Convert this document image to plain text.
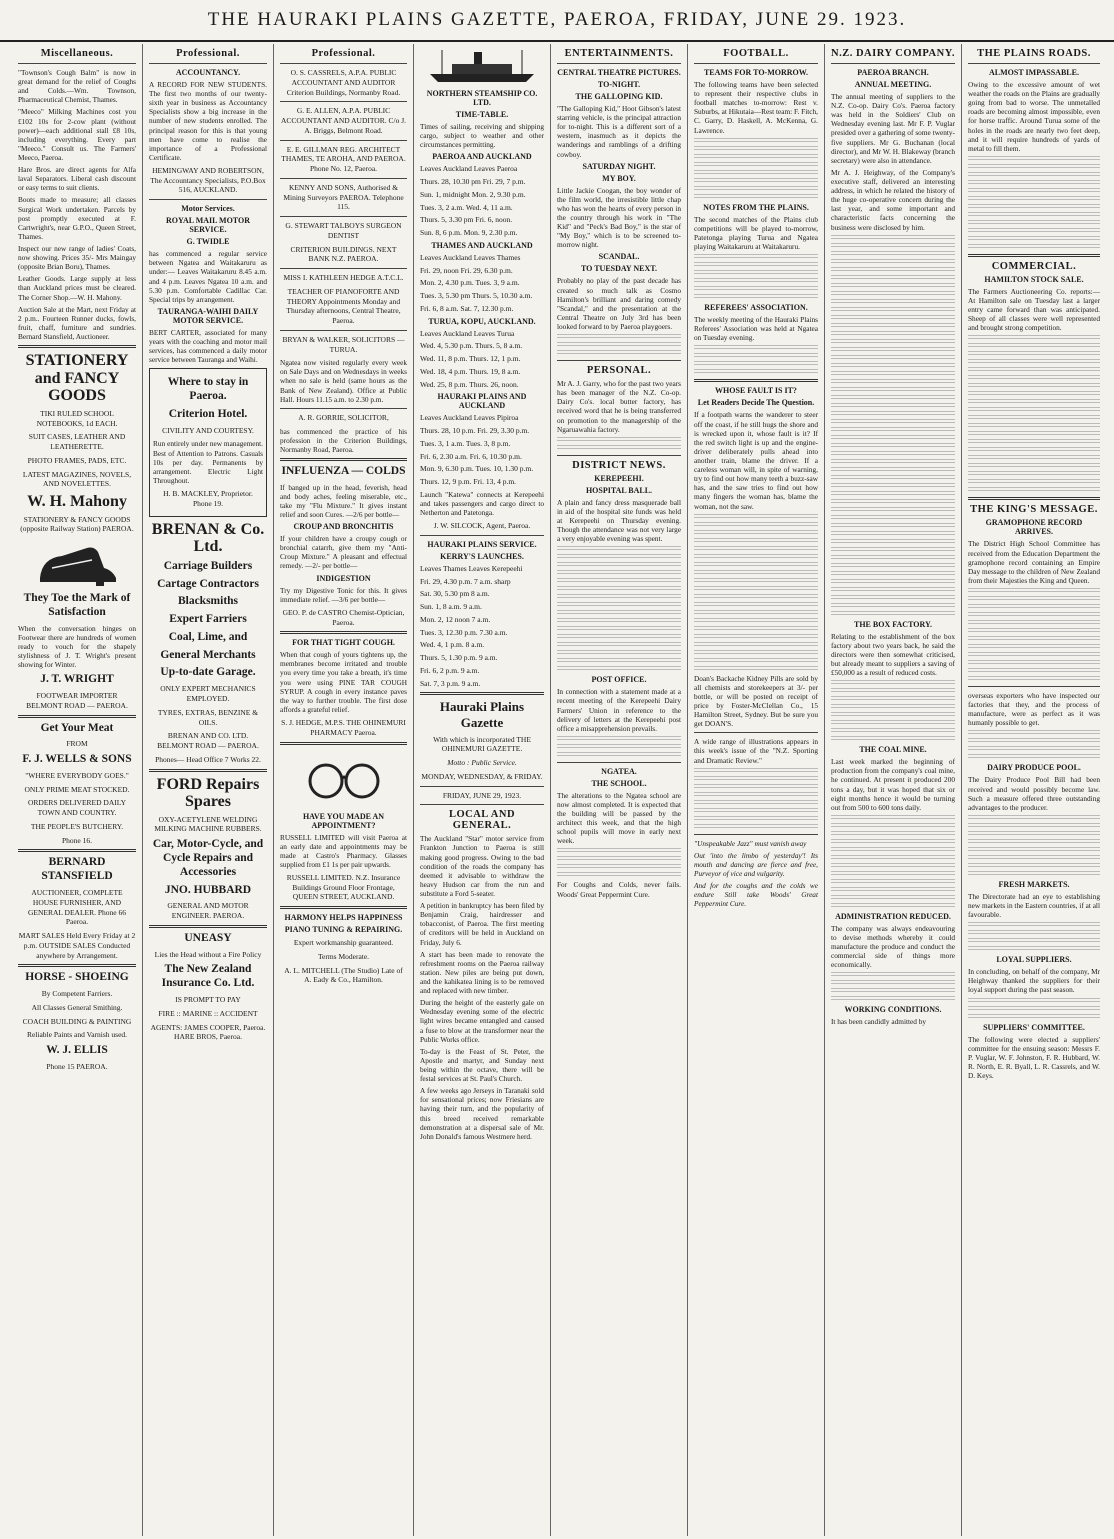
THE HAURAKI PLAINS GAZETTE, PAEROA, FRIDAY, JUNE 29. 1923.
Miscellaneous.

"Townson's Cough Balm" is now in great demand for the relief of Coughs and Colds.—Wm. Townson, Pharmaceutical Chemist, Thames.

"Meeco" Milking Machines cost you £102 10s for 2-cow plant (without power)—each additional stall £8 10s, including everything. Every part "Meeco." Consult us. The Farmers' Meeco, Paeroa.

Hare Bros. are direct agents for Alfa laval Separators. Liberal cash discount or easy terms to suit clients.

Boots made to measure; all classes Surgical Work undertaken. Parcels by post promptly executed at F. Cartwright's, near G.P.O., Queen Street, Thames.

Inspect our new range of ladies' Coats, now showing. Prices 35/- Mrs Maingay (opposite Brian Boru), Thames.

Leather Goods. Large supply at less than Auckland prices must be cleared. The Corner Shop.—W. H. Mahony.

Auction Sale at the Mart, next Friday at 2 p.m.. Fourteen Runner ducks, fowls, fruit, chaff, furniture and sundries. Bernard Stansfield, Auctioneer.

STATIONERY and FANCY GOODS
TIKI RULED SCHOOL NOTEBOOKS, 1d EACH.
SUIT CASES, LEATHER AND LEATHERETTE.
PHOTO FRAMES, PADS, ETC.
LATEST MAGAZINES, NOVELS, AND NOVELETTES.
W. H. Mahony
STATIONERY & FANCY GOODS (opposite Railway Station) PAEROA.
They Toe the Mark of Satisfaction

When the conversation hinges on Footwear there are hundreds of women ready to vouch for the shapely stylishness of J. T. Wright's present showing for Winter.

J. T. WRIGHT
FOOTWEAR IMPORTER BELMONT ROAD — PAEROA.
Get Your Meat
FROM
F. J. WELLS & SONS
"WHERE EVERYBODY GOES."
ONLY PRIME MEAT STOCKED.
ORDERS DELIVERED DAILY TOWN AND COUNTRY.
THE PEOPLE'S BUTCHERY.
Phone 16.
BERNARD STANSFIELD
AUCTIONEER, COMPLETE HOUSE FURNISHER, AND GENERAL DEALER. Phone 66 Paeroa.
MART SALES Held Every Friday at 2 p.m. OUTSIDE SALES Conducted anywhere by Arrangement.
HORSE - SHOEING
By Competent Farriers.
All Classes General Smithing.
COACH BUILDING & PAINTING
Reliable Paints and Varnish used.
W. J. ELLIS
Phone 15 PAEROA.
Professional.
ACCOUNTANCY.

A RECORD FOR NEW STUDENTS. The first two months of our twenty-sixth year in business as Accountancy Specialists show a big increase in the number of new students enrolled. The principal reason for this is that young men have come to realise the importance of a Professional Certificate.

HEMINGWAY AND ROBERTSON, The Accountancy Specialists, P.O.Box 516, AUCKLAND.
Motor Services.
ROYAL MAIL MOTOR SERVICE.
G. TWIDLE

has commenced a regular service between Ngatea and Waitakaruru as under:— Leaves Waitakaruru 8.45 a.m. and 4 p.m. Leaves Ngatea 10 a.m. and 5.30 p.m. Comfortable Cadillac Car. Special trips by arrangement.

TAURANGA-WAIHI DAILY MOTOR SERVICE.

BERT CARTER, associated for many years with the coaching and motor mail services, has commenced a daily motor service between Tauranga and Waihi.

Where to stay in Paeroa.
Criterion Hotel.
CIVILITY AND COURTESY.

Run entirely under new management. Best of Attention to Patrons. Casuals 10s per day. Permanents by arrangement. Electric Light Throughout.

H. B. MACKLEY, Proprietor. Phone 19.
BRENAN & Co. Ltd.
Carriage Builders
Cartage Contractors
Blacksmiths
Expert Farriers
Coal, Lime, and
General Merchants
Up-to-date Garage.
ONLY EXPERT MECHANICS EMPLOYED.
TYRES, EXTRAS, BENZINE & OILS.
BRENAN AND CO. LTD. BELMONT ROAD — PAEROA.
Phones— Head Office 7 Works 22.
FORD Repairs Spares
OXY-ACETYLENE WELDING MILKING MACHINE RUBBERS.
Car, Motor-Cycle, and Cycle Repairs and Accessories
JNO. HUBBARD
GENERAL AND MOTOR ENGINEER. PAEROA.
UNEASY
Lies the Head without a Fire Policy
The New Zealand Insurance Co. Ltd.
IS PROMPT TO PAY
FIRE :: MARINE :: ACCIDENT
AGENTS: JAMES COOPER, Paeroa. HARE BROS, Paeroa.
Professional.
O. S. CASSRELS, A.P.A. PUBLIC ACCOUNTANT AND AUDITOR Criterion Buildings, Normanby Road.
G. E. ALLEN, A.P.A. PUBLIC ACCOUNTANT AND AUDITOR. C/o J. A. Briggs, Belmont Road.
E. E. GILLMAN REG. ARCHITECT THAMES, TE AROHA, AND PAEROA. Phone No. 12, Paeroa.
KENNY AND SONS, Authorised & Mining Surveyors PAEROA. Telephone 115.
G. STEWART TALBOYS SURGEON DENTIST
CRITERION BUILDINGS. NEXT BANK N.Z. PAEROA.
MISS I. KATHLEEN HEDGE A.T.C.L.
TEACHER OF PIANOFORTE AND THEORY Appointments Monday and Thursday afternoons, Central Theatre, Paeroa.
BRYAN & WALKER, SOLICITORS — TURUA.

Ngatea now visited regularly every week on Sale Days and on Wednesdays in weeks when no sale is held (same hours as the Bank of New Zealand). Office at Public Hall. Hours 11.15 a.m. to 2.30 p.m.

A. R. GORRIE, SOLICITOR,

has commenced the practice of his profession in the Criterion Buildings, Normanby Road, Paeroa.

INFLUENZA — COLDS

If banged up in the head, feverish, head and body aches, feeling miserable, etc., take my "Flu Mixture." It gives instant relief and soon Cures. —2/6 per bottle—

CROUP AND BRONCHITIS

If your children have a croupy cough or bronchial catarrh, give them my "Anti-Croup Mixture." A pleasant and effectual remedy. —2/- per bottle—

INDIGESTION

Try my Digestive Tonic for this. It gives immediate relief. —3/6 per bottle—

GEO. P. de CASTRO Chemist-Optician, Paeroa.
FOR THAT TIGHT COUGH.

When that cough of yours tightens up, the membranes become irritated and trouble you every time you take a breath, it's time you were using PINE TAR COUGH SYRUP. A cough in every instance paves the way to further trouble. The first dose affords a grateful relief.

S. J. HEDGE, M.P.S. THE OHINEMURI PHARMACY Paeroa.
HAVE YOU MADE AN APPOINTMENT?

RUSSELL LIMITED will visit Paeroa at an early date and appointments may be made at Castro's Pharmacy. Glasses supplied from £1 1s per pair upwards.

RUSSELL LIMITED. N.Z. Insurance Buildings Ground Floor Frontage, QUEEN STREET, AUCKLAND.
HARMONY HELPS HAPPINESS
PIANO TUNING & REPAIRING.
Expert workmanship guaranteed.
Terms Moderate.
A. L. MITCHELL (The Studio) Late of A. Eady & Co., Hamilton.
NORTHERN STEAMSHIP CO. LTD.
TIME-TABLE.

Times of sailing, receiving and shipping cargo, subject to weather and other circumstances permitting.

PAEROA AND AUCKLAND

Leaves Auckland Leaves Paeroa

Thurs. 28, 10.30 pm Fri. 29, 7 p.m.

Sun. 1, midnight Mon. 2, 9.30 p.m.

Tues. 3, 2 a.m. Wed. 4, 11 a.m.

Thurs. 5, 3.30 pm Fri. 6, noon.

Sun. 8, 6 p.m. Mon. 9, 2.30 p.m.

THAMES AND AUCKLAND

Leaves Auckland Leaves Thames

Fri. 29, noon Fri. 29, 6.30 p.m.

Mon. 2, 4.30 p.m. Tues. 3, 9 a.m.

Tues. 3, 5.30 pm Thurs. 5, 10.30 a.m.

Fri. 6, 8 a.m. Sat. 7, 12.30 p.m.

TURUA, KOPU, AUCKLAND.

Leaves Auckland Leaves Turua

Wed. 4, 5.30 p.m. Thurs. 5, 8 a.m.

Wed. 11, 8 p.m. Thurs. 12, 1 p.m.

Wed. 18, 4 p.m. Thurs. 19, 8 a.m.

Wed. 25, 8 p.m. Thurs. 26, noon.

HAURAKI PLAINS AND AUCKLAND

Leaves Auckland Leaves Pipiroa

Thurs. 28, 10 p.m. Fri. 29, 3.30 p.m.

Tues. 3, 1 a.m. Tues. 3, 8 p.m.

Fri. 6, 2.30 a.m. Fri. 6, 10.30 p.m.

Mon. 9, 6.30 p.m. Tues. 10, 1.30 p.m.

Thurs. 12, 9 p.m. Fri. 13, 4 p.m.

Launch "Katewa" connects at Kerepeehi and takes passengers and cargo direct to Netherton and Patetonga.

J. W. SILCOCK, Agent, Paeroa.
HAURAKI PLAINS SERVICE.
KERRY'S LAUNCHES.

Leaves Thames Leaves Kerepeehi

Fri. 29, 4.30 p.m. 7 a.m. sharp

Sat. 30, 5.30 pm 8 a.m.

Sun. 1, 8 a.m. 9 a.m.

Mon. 2, 12 noon 7 a.m.

Tues. 3, 12.30 p.m. 7.30 a.m.

Wed. 4, 1 p.m. 8 a.m.

Thurs. 5, 1.30 p.m. 9 a.m.

Fri. 6, 2 p.m. 9 a.m.

Sat. 7, 3 p.m. 9 a.m.

Hauraki Plains Gazette
With which is incorporated THE OHINEMURI GAZETTE.
Motto : Public Service.
MONDAY, WEDNESDAY, & FRIDAY.
FRIDAY, JUNE 29, 1923.
LOCAL AND GENERAL.

The Auckland "Star" motor service from Frankton Junction to Paeroa is still making good progress. Owing to the bad condition of the roads the company has deemed it advisable to withdraw the heavy Hudson car from the run and substitute a Ford 5-seater.

A petition in bankruptcy has been filed by Benjamin Craig, hairdresser and tobacconist, of Paeroa. The first meeting of creditors will be held in Auckland on Friday, July 6.

A start has been made to renovate the refreshment rooms on the Paeroa railway station. New piles are being put down, and the kahikatea lining is to be removed and replaced with new timber.

During the height of the easterly gale on Wednesday evening some of the electric light wires became entangled and caused a fuse to blow at the transformer near the Public Works office.

To-day is the Feast of St. Peter, the Apostle and martyr, and Sunday next being within the octave, there will be festal services at St. Paul's Church.

A few weeks ago Jerseys in Taranaki sold for sensational prices; now Friesians are having their turn, and the popularity of this breed received remarkable demonstration at a dispersal sale of Mr. John Donald's famous Westmere herd.

ENTERTAINMENTS.
CENTRAL THEATRE PICTURES.
TO-NIGHT.
THE GALLOPING KID.

"The Galloping Kid," Hoot Gibson's latest starring vehicle, is the principal attraction for to-night. This is a different sort of a western, inasmuch as it depicts the wanderings and ramblings of a drifting cowboy.

SATURDAY NIGHT.
MY BOY.

Little Jackie Coogan, the boy wonder of the film world, the irresistible little chap who has won the hearts of every person in the country through his work in "The Kid" and "Peck's Bad Boy," is the star of "My Boy," which is to be screened to-morrow night.

SCANDAL.
TO TUESDAY NEXT.

Probably no play of the past decade has created so much talk as Cosmo Hamilton's brilliant and daring comedy "Scandal," and the presentation at the Central Theatre on July 3rd has been looked forward to by Paeroa playgoers.

PERSONAL.

Mr A. J. Garry, who for the past two years has been manager of the N.Z. Co-op. Dairy Co's. local butter factory, has received word that he is being transferred on promotion to the managership of the Ngaruawahia factory.

DISTRICT NEWS.
KEREPEEHI.
HOSPITAL BALL.

A plain and fancy dress masquerade ball in aid of the hospital site funds was held at Kerepeehi on Thursday evening. Though the attendance was not very large a very enjoyable evening was spent.

POST OFFICE.

In connection with a statement made at a recent meeting of the Kerepeehi Dairy Farmers' Union in reference to the delivery of letters at the Kerepeehi post office a misapprehension prevails.

NGATEA.
THE SCHOOL.

The alterations to the Ngatea school are now almost completed. It is expected that the building will be passed by the architect this week, and that the high school pupils will move in early next week.

For Coughs and Colds, never fails. Woods' Great Peppermint Cure.

FOOTBALL.
TEAMS FOR TO-MORROW.

The following teams have been selected to represent their respective clubs in football matches to-morrow: Rest v. Suburbs, at Hikutaia—Rest team: F. Fitch, C. Garry, D. Haskell, A. McKenna, G. Lawrence.

NOTES FROM THE PLAINS.

The second matches of the Plains club competitions will be played to-morrow, Patetonga playing Turua and Ngatea playing Waitakaruru at Waitakaruru.

REFEREES' ASSOCIATION.

The weekly meeting of the Hauraki Plains Referees' Association was held at Ngatea on Tuesday evening.

WHOSE FAULT IS IT?
Let Readers Decide The Question.

If a footpath warns the wanderer to steer off the coast, if he still hugs the shore and is wrecked upon it, whose fault is it? If the red switch light is up and the engine-driver deliberately pulls ahead into another train, blame the driver. If a careless woman will, in spite of warning, try to find out how many teeth a buzz-saw has, and the saw tries to find out how many fingers the woman has, blame the woman, not the saw.

Doan's Backache Kidney Pills are sold by all chemists and storekeepers at 3/- per bottle, or will be posted on receipt of price by Foster-McClellan Co., 15 Hamilton Street, Sydney. But be sure you get DOAN'S.

A wide range of illustrations appears in this week's issue of the "N.Z. Sporting and Dramatic Review."

"Unspeakable Jazz" must vanish away

Out 'into the limbo of yesterday'! Its mouth and dancing are fierce and free, Purveyor of vice and vulgarity.

And for the coughs and the colds we endure Still take Woods' Great Peppermint Cure.

N.Z. DAIRY COMPANY.
PAEROA BRANCH.
ANNUAL MEETING.

The annual meeting of suppliers to the N.Z. Co-op. Dairy Co's. Paeroa factory was held in the Soldiers' Club on Wednesday evening last. Mr F. P. Vuglar presided over a gathering of some twenty-five suppliers. Mr G. Buchanan (local director), and Mr W. H. Blakeway (branch secretary) were also in attendance.

Mr A. J. Heighway, of the Company's executive staff, delivered an interesting address, in which he related the history of the huge co-operative concern during the last year, and some important and characteristic facts concerning the business were disclosed by him.

THE BOX FACTORY.

Relating to the establishment of the box factory about two years back, he said the directors were then somewhat criticised, but already meant to suppliers a saving of £50,000 as a result of reduced costs.

THE COAL MINE.

Last week marked the beginning of production from the company's coal mine, he continued. At present it produced 200 tons a day, but it was hoped that six or eight months hence it would be turning out from 500 to 600 tons daily.

ADMINISTRATION REDUCED.

The company was always endeavouring to devise methods whereby it could manufacture the produce and conduct the commercial side of things more economically.

WORKING CONDITIONS.

It has been candidly admitted by

THE PLAINS ROADS.
ALMOST IMPASSABLE.

Owing to the excessive amount of wet weather the roads on the Plains are gradually going from bad to worse. The unmetalled roads are becoming almost impossible, even for horse traffic. Around Turua some of the holes in the roads are nearly two feet deep, and it will require hundreds of yards of metal to fill them.

COMMERCIAL.
HAMILTON STOCK SALE.

The Farmers Auctioneering Co. reports:— At Hamilton sale on Tuesday last a larger entry came forward than was anticipated. Sheep of all classes were well represented and brought strong competition.

THE KING'S MESSAGE.
GRAMOPHONE RECORD ARRIVES.

The District High School Committee has received from the Education Department the gramophone record containing an Empire Day message to the children of New Zealand from their Majesties the King and Queen.

overseas exporters who have inspected our factories that they, and the process of manufacture, were as perfect as it was humanly possible to get.

DAIRY PRODUCE POOL.

The Dairy Produce Pool Bill had been received and would possibly become law. Such a measure offered three outstanding advantages to the producer.

FRESH MARKETS.

The Directorate had an eye to establishing new markets in the Eastern countries, if at all favourable.

LOYAL SUPPLIERS.

In concluding, on behalf of the company, Mr Heighway thanked the suppliers for their loyal support during the past season.

SUPPLIERS' COMMITTEE.

The following were elected a suppliers' committee for the ensuing season: Messrs F. P. Vuglar, W. F. Johnston, F. R. Hubbard, W. R. North, E. R. Byall, L. R. Cassrels, and W. D. Keys.
